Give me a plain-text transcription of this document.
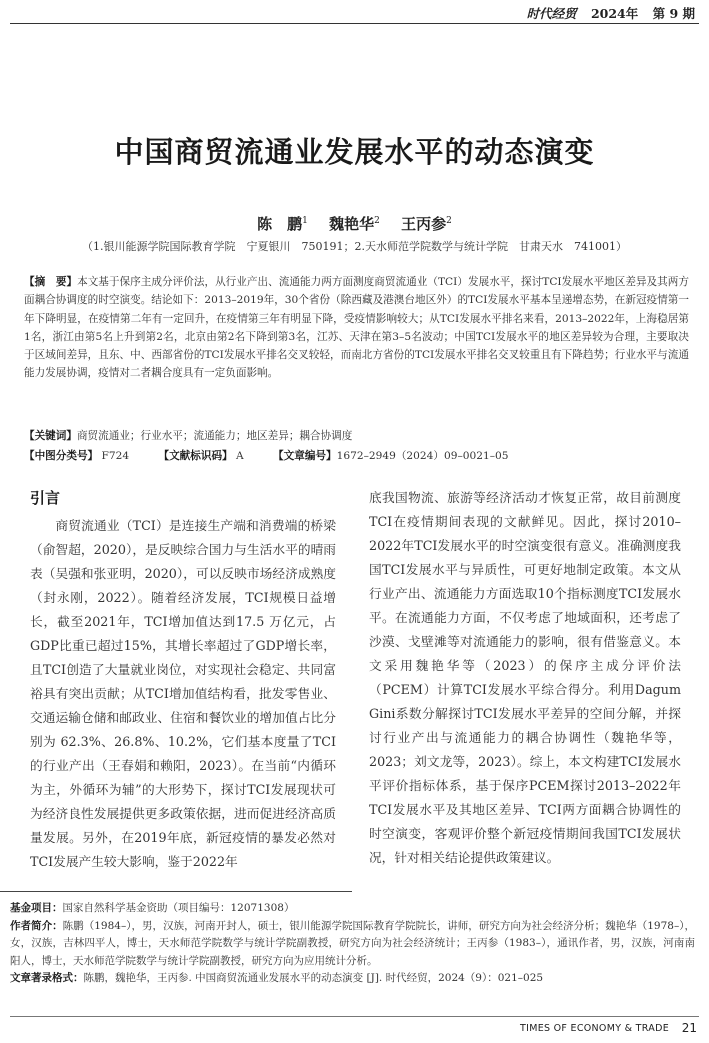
时代经贸 2024年 第 9 期
中国商贸流通业发展水平的动态演变
陈　鹏$^1$ 魏艳华$^2$ 王丙参$^2$
（1.银川能源学院国际教育学院　宁夏银川　750191；2.天水师范学院数学与统计学院　甘肃天水　741001）
【摘　要】本文基于保序主成分评价法，从行业产出、流通能力两方面测度商贸流通业（TCI）发展水平，探讨TCI发展水平地区差异及其两方面耦合协调度的时空演变。结论如下：2013–2019年，30个省份（除西藏及港澳台地区外）的TCI发展水平基本呈递增态势，在新冠疫情第一年下降明显，在疫情第二年有一定回升，在疫情第三年有明显下降，受疫情影响较大；从TCI发展水平排名来看，2013–2022年，上海稳居第1名，浙江由第5名上升到第2名，北京由第2名下降到第3名，江苏、天津在第3–5名波动；中国TCI发展水平的地区差异较为合理，主要取决于区域间差异，且东、中、西部省份的TCI发展水平排名交叉较轻，而南北方省份的TCI发展水平排名交叉较重且有下降趋势；行业水平与流通能力发展协调，疫情对二者耦合度具有一定负面影响。
【关键词】商贸流通业；行业水平；流通能力；地区差异；耦合协调度
【中图分类号】 F724	【文献标识码】 A	【文章编号】1672–2949（2024）09–0021–05
引言

商贸流通业（TCI）是连接生产端和消费端的桥梁（俞智超，2020），是反映综合国力与生活水平的晴雨表（吴强和张亚明，2020），可以反映市场经济成熟度（封永刚，2022）。随着经济发展，TCI规模日益增长，截至2021年，TCI增加值达到17.5 万亿元，占GDP比重已超过15%，其增长率超过了GDP增长率，且TCI创造了大量就业岗位，对实现社会稳定、共同富裕具有突出贡献；从TCI增加值结构看，批发零售业、交通运输仓储和邮政业、住宿和餐饮业的增加值占比分别为 62.3%、26.8%、10.2%，它们基本度量了TCI的行业产出（王春娟和赖阳，2023）。在当前“内循环为主，外循环为辅”的大形势下，探讨TCI发展现状可为经济良性发展提供更多政策依据，进而促进经济高质量发展。另外，在2019年底，新冠疫情的暴发必然对TCI发展产生较大影响，鉴于2022年

底我国物流、旅游等经济活动才恢复正常，故目前测度TCI在疫情期间表现的文献鲜见。因此，探讨2010–2022年TCI发展水平的时空演变很有意义。准确测度我国TCI发展水平与异质性，可更好地制定政策。本文从行业产出、流通能力方面选取10个指标测度TCI发展水平。在流通能力方面，不仅考虑了地域面积，还考虑了沙漠、戈壁滩等对流通能力的影响，很有借鉴意义。本文采用魏艳华等（2023）的保序主成分评价法（PCEM）计算TCI发展水平综合得分。利用Dagum Gini系数分解探讨TCI发展水平差异的空间分解，并探讨行业产出与流通能力的耦合协调性（魏艳华等，2023；刘文龙等，2023）。综上，本文构建TCI发展水平评价指标体系，基于保序PCEM探讨2013–2022年TCI发展水平及其地区差异、TCI两方面耦合协调性的时空演变，客观评价整个新冠疫情期间我国TCI发展状况，针对相关结论提供政策建议。

基金项目：国家自然科学基金资助（项目编号：12071308）

作者简介：陈鹏（1984–），男，汉族，河南开封人，硕士，银川能源学院国际教育学院院长，讲师，研究方向为社会经济分析；魏艳华（1978–），女，汉族，吉林四平人，博士，天水师范学院数学与统计学院副教授，研究方向为社会经济统计；王丙参（1983–），通讯作者，男，汉族，河南南阳人，博士，天水师范学院数学与统计学院副教授，研究方向为应用统计分析。

文章著录格式：陈鹏，魏艳华，王丙参. 中国商贸流通业发展水平的动态演变 [J]. 时代经贸，2024（9）：021–025

TIMES OF ECONOMY & TRADE 21
